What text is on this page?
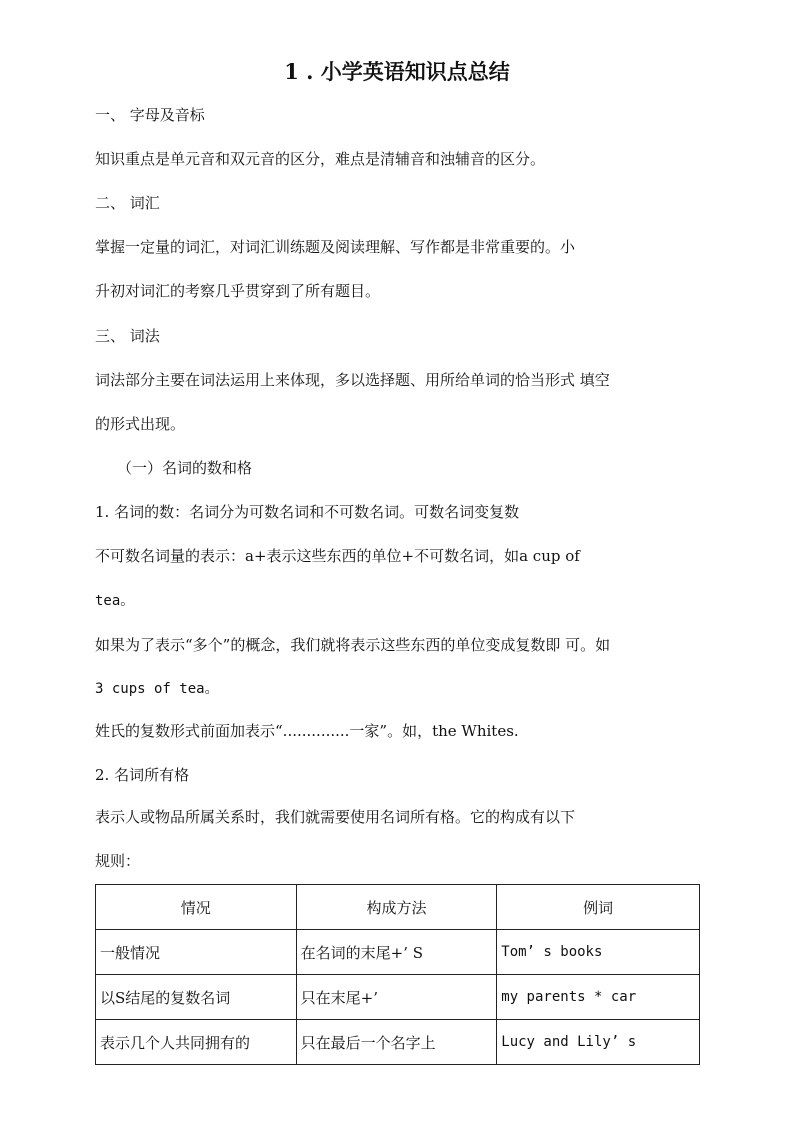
1 . 小学英语知识点总结
一、 字母及音标
知识重点是单元音和双元音的区分，难点是清辅音和浊辅音的区分。
二、 词汇
掌握一定量的词汇，对词汇训练题及阅读理解、写作都是非常重要的。小
升初对词汇的考察几乎贯穿到了所有题目。
三、 词法
词法部分主要在词法运用上来体现，多以选择题、用所给单词的恰当形式 填空
的形式出现。
（一）名词的数和格
1. 名词的数：名词分为可数名词和不可数名词。可数名词变复数
不可数名词量的表示：a+表示这些东西的单位+不可数名词，如a cup of
tea。
如果为了表示“多个”的概念，我们就将表示这些东西的单位变成复数即 可。如
3 cups of tea。
姓氏的复数形式前面加表示“..............一家”。如，the Whites.
2. 名词所有格
表示人或物品所属关系时，我们就需要使用名词所有格。它的构成有以下
规则：
情况	构成方法	例词
一般情况	在名词的末尾+’ S	Tom’ s books
以S结尾的复数名词	只在末尾+’	my parents * car
表示几个人共同拥有的	只在最后一个名字上	Lucy and Lily’ s
